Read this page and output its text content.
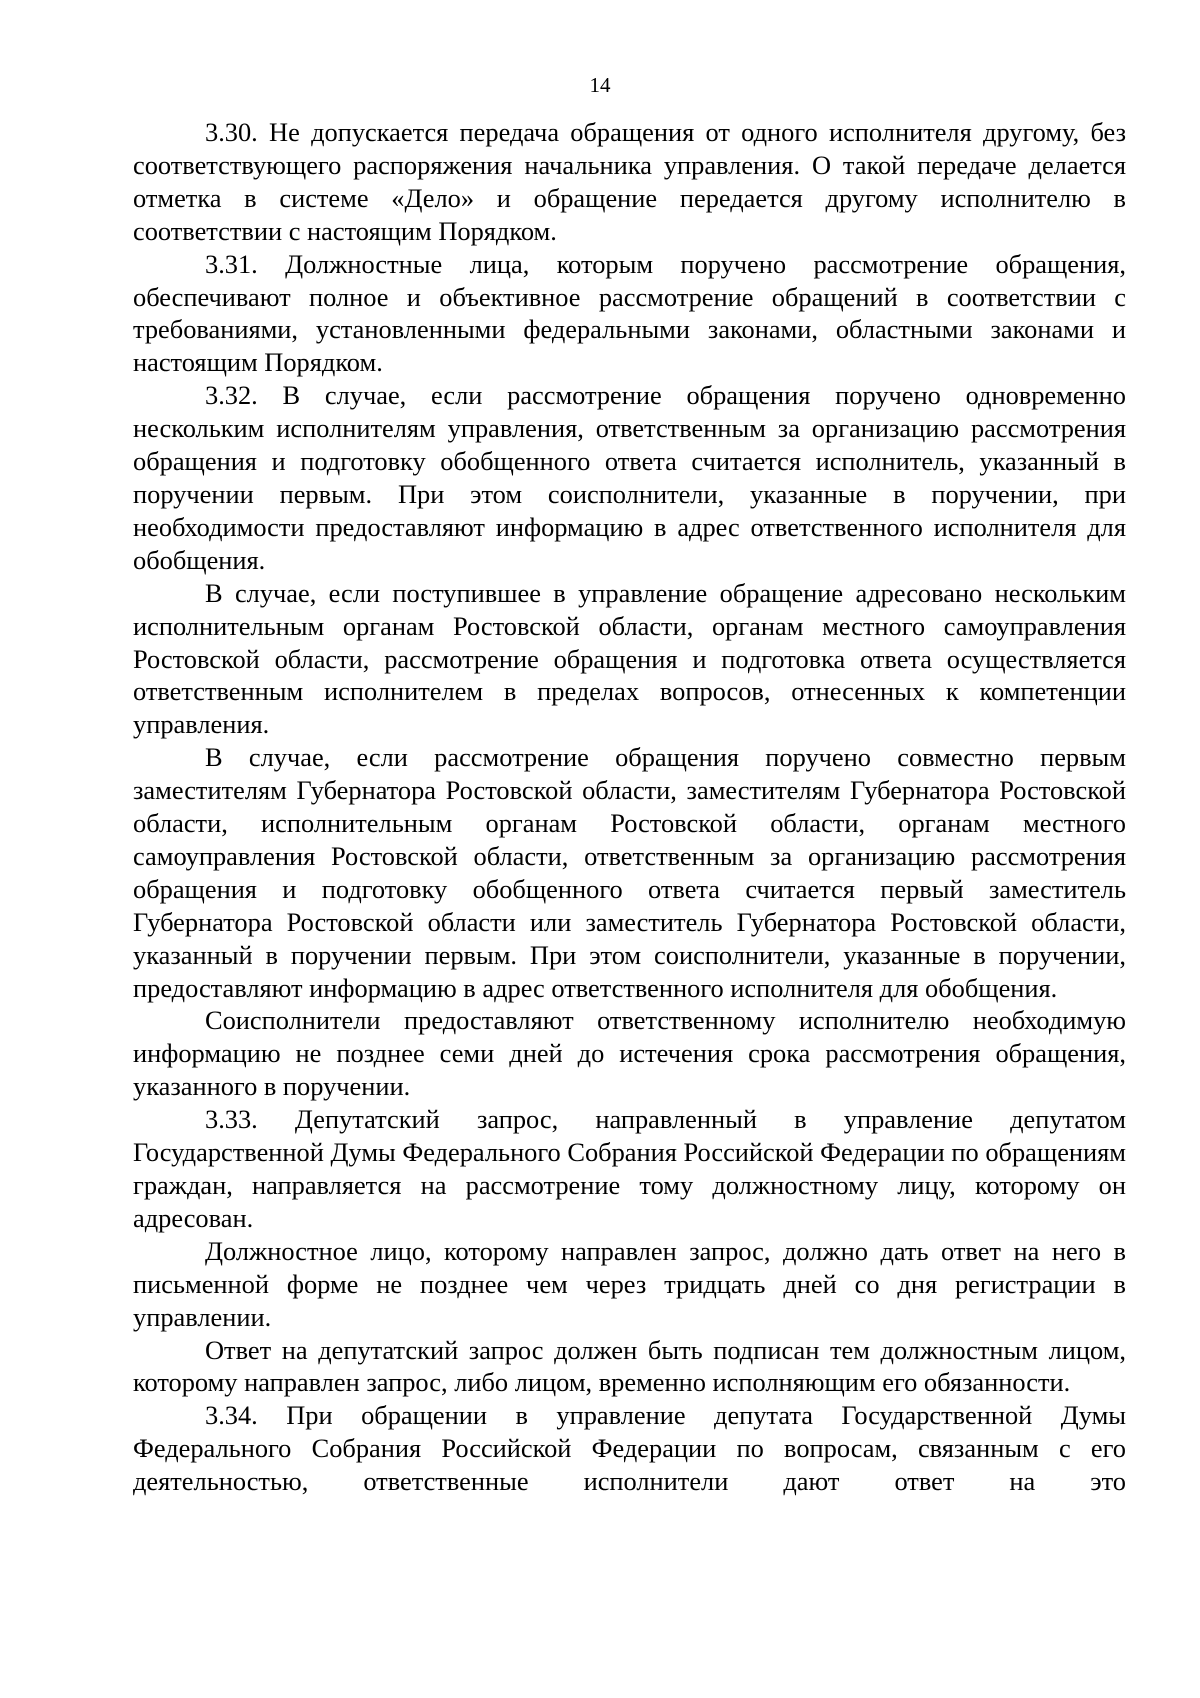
14

3.30. Не допускается передача обращения от одного исполнителя другому, без соответствующего распоряжения начальника управления. О такой передаче делается отметка в системе «Дело» и обращение передается другому исполнителю в соответствии с настоящим Порядком.

3.31. Должностные лица, которым поручено рассмотрение обращения, обеспечивают полное и объективное рассмотрение обращений в соответствии с требованиями, установленными федеральными законами, областными законами и настоящим Порядком.

3.32. В случае, если рассмотрение обращения поручено одновременно нескольким исполнителям управления, ответственным за организацию рассмотрения обращения и подготовку обобщенного ответа считается исполнитель, указанный в поручении первым. При этом соисполнители, указанные в поручении, при необходимости предоставляют информацию в адрес ответственного исполнителя для обобщения.

В случае, если поступившее в управление обращение адресовано нескольким исполнительным органам Ростовской области, органам местного самоуправления Ростовской области, рассмотрение обращения и подготовка ответа осуществляется ответственным исполнителем в пределах вопросов, отнесенных к компетенции управления.

В случае, если рассмотрение обращения поручено совместно первым заместителям Губернатора Ростовской области, заместителям Губернатора Ростовской области, исполнительным органам Ростовской области, органам местного самоуправления Ростовской области, ответственным за организацию рассмотрения обращения и подготовку обобщенного ответа считается первый заместитель Губернатора Ростовской области или заместитель Губернатора Ростовской области, указанный в поручении первым. При этом соисполнители, указанные в поручении, предоставляют информацию в адрес ответственного исполнителя для обобщения.

Соисполнители предоставляют ответственному исполнителю необходимую информацию не позднее семи дней до истечения срока рассмотрения обращения, указанного в поручении.

3.33. Депутатский запрос, направленный в управление депутатом Государственной Думы Федерального Собрания Российской Федерации по обращениям граждан, направляется на рассмотрение тому должностному лицу, которому он адресован.

Должностное лицо, которому направлен запрос, должно дать ответ на него в письменной форме не позднее чем через тридцать дней со дня регистрации в управлении.

Ответ на депутатский запрос должен быть подписан тем должностным лицом, которому направлен запрос, либо лицом, временно исполняющим его обязанности.

3.34. При обращении в управление депутата Государственной Думы Федерального Собрания Российской Федерации по вопросам, связанным с его деятельностью, ответственные исполнители дают ответ на это
